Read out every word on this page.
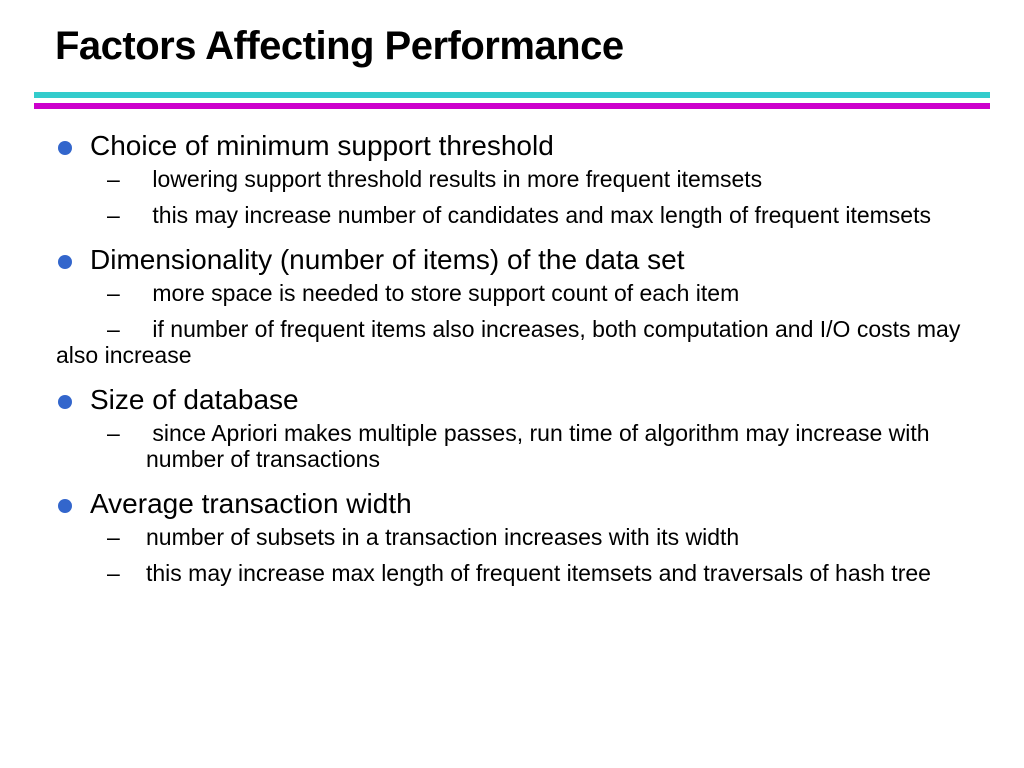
Factors Affecting Performance
Choice of minimum support threshold
– lowering support threshold results in more frequent itemsets
– this may increase number of candidates and max length of frequent itemsets
Dimensionality (number of items) of the data set
– more space is needed to store support count of each item
–	if number of frequent items also increases, both computation and I/O costs may also increase
Size of database
– since Apriori makes multiple passes, run time of algorithm may increase with number of transactions
Average transaction width
– number of subsets in a transaction increases with its width
– this may increase max length of frequent itemsets and traversals of hash tree
